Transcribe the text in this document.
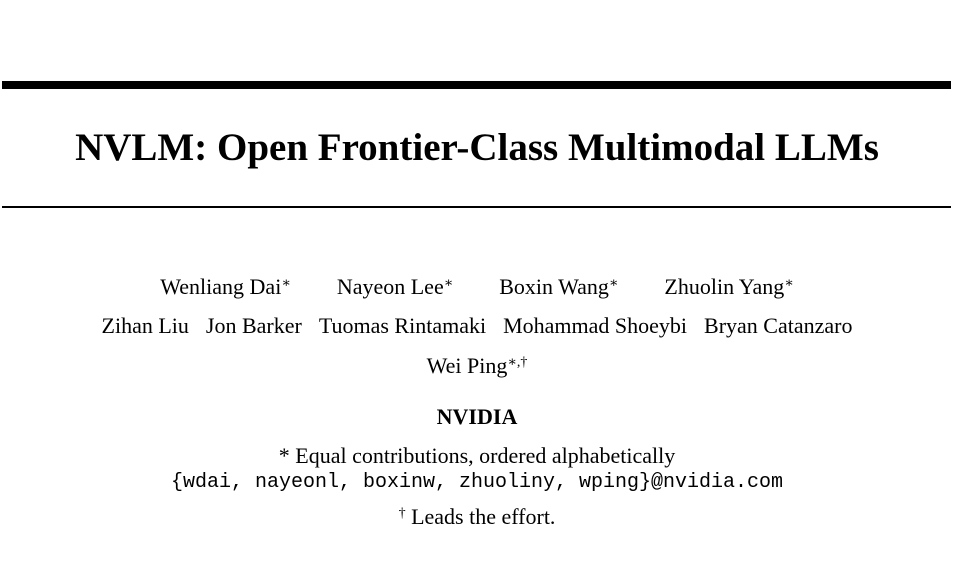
NVLM: Open Frontier-Class Multimodal LLMs
Wenliang Dai∗ Nayeon Lee∗ Boxin Wang∗ Zhuolin Yang∗
Zihan Liu Jon Barker Tuomas Rintamaki Mohammad Shoeybi Bryan Catanzaro
Wei Ping∗,†
NVIDIA
* Equal contributions, ordered alphabetically
{wdai, nayeonl, boxinw, zhuoliny, wping}@nvidia.com
† Leads the effort.
